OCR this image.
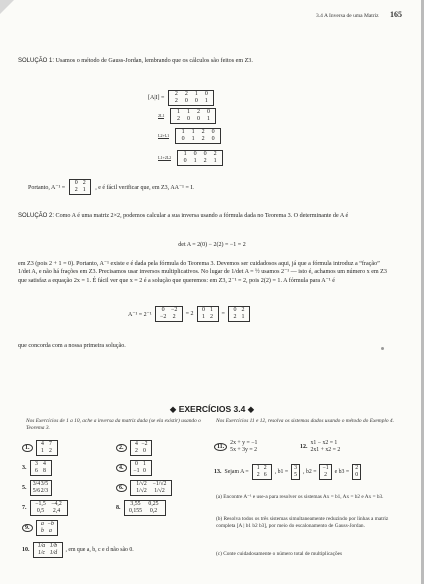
3.4 A Inversa de uma Matriz 165
SOLUÇÃO 1: Usamos o método de Gauss-Jordan, lembrando que os cálculos são feitos em Z3.
[A|I] =
2	2	1	0
2	0	0	1
2L1
1	1	2	0
2	0	0	1
L2+L1
1	1	2	0
0	1	2	0
L1+2L2
1	0	0	2
0	1	2	1
Portanto, A⁻¹ =
0 2
2 1	, e é fácil verificar que, em Z3, AA⁻¹ = I.
SOLUÇÃO 2: Como A é uma matriz 2×2, podemos calcular a sua inversa usando a fórmula dada no Teorema 3. O determinante de A é
det A = 2(0) − 2(2) = −1 = 2
em Z3 (pois 2 + 1 = 0). Portanto, A⁻¹ existe e é dada pela fórmula do Teorema 3. Devemos ser cuidadosos aqui, já que a fórmula introduz a “fração” 1/det A, e não há frações em Z3. Precisamos usar inversos multiplicativos. No lugar de 1/det A = ½ usamos 2⁻¹ — isto é, achamos um número x em Z3 que satisfaz a equação 2x = 1. É fácil ver que x = 2 é a solução que queremos: em Z3, 2⁻¹ = 2, pois 2(2) = 1. A fórmula para A⁻¹ é
A⁻¹ = 2⁻¹
0	−2
−2	2	= 2
0 1
1 2	=
0 2
2 1
que concorda com a nossa primeira solução.
◆ EXERCÍCIOS 3.4 ◆
Nos Exercícios de 1 a 10, ache a inversa da matriz dada (se ela existir) usando o Teorema 3.
Nos Exercícios 11 e 12, resolva os sistemas dados usando o método do Exemplo 4.
1.
4 7
1 2	2.
4 −2
2 0
3.
3 4
6 8	4.
0 1
−1 0
5.
3/4 3/5
5/6 2/3	6.
1/√2 −1/√2
1/√2	1/√2
7.
−1,5 −4,2
0,5	2,4	8.
3,55	0,25
0,155	0,2
9.
a −b
b a
10.
1/a 1/b
1/c 1/d	, em que a, b, c e d não são 0.
11.
2x + y = −1
5x + 3y = 2	12.
x1 − x2 = 1
2x1 + x2 = 2
13. Sejam A =
1 2
2 6	, b1 =
3
5 , b2 =
−1
2 e b3 =
2
0
(a) Encontre A⁻¹ e use-a para resolver os sistemas Ax = b1, Ax = b2 e Ax = b3.
(b) Resolva todos os três sistemas simultaneamente reduzindo por linhas a matriz completa [A | b1 b2 b3], por meio do escalonamento de Gauss-Jordan.
(c) Conte cuidadosamente o número total de multiplicações
